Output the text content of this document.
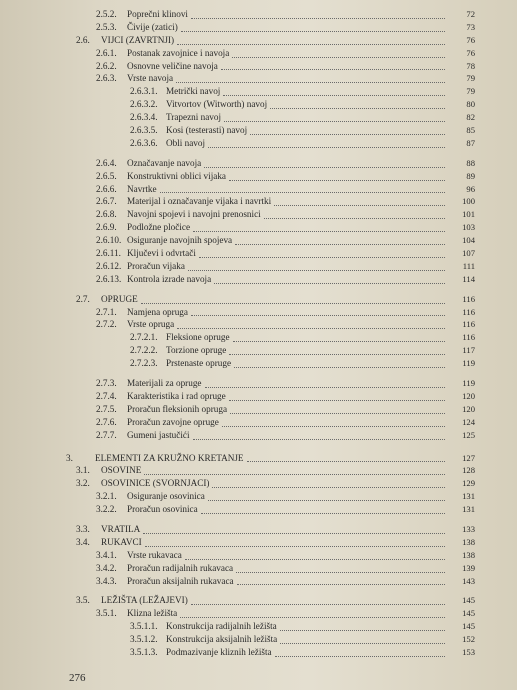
2.5.2. Poprečni klinovi	72
2.5.3. Čivije (zatici)	73
2.6. VIJCI (ZAVRTNJI)	76
2.6.1. Postanak zavojnice i navoja	76
2.6.2. Osnovne veličine navoja	78
2.6.3. Vrste navoja	79
2.6.3.1. Metrički navoj	79
2.6.3.2. Vitvortov (Witworth) navoj	80
2.6.3.4. Trapezni navoj	82
2.6.3.5. Kosi (testerasti) navoj	85
2.6.3.6. Obli navoj	87
2.6.4. Označavanje navoja	88
2.6.5. Konstruktivni oblici vijaka	89
2.6.6. Navrtke	96
2.6.7. Materijal i označavanje vijaka i navrtki	100
2.6.8. Navojni spojevi i navojni prenosnici	101
2.6.9. Podložne pločice	103
2.6.10. Osiguranje navojnih spojeva	104
2.6.11. Ključevi i odvrtači	107
2.6.12. Proračun vijaka	111
2.6.13. Kontrola izrade navoja	114
2.7. OPRUGE	116
2.7.1. Namjena opruga	116
2.7.2. Vrste opruga	116
2.7.2.1. Fleksione opruge	116
2.7.2.2. Torzione opruge	117
2.7.2.3. Prstenaste opruge	119
2.7.3. Materijali za opruge	119
2.7.4. Karakteristika i rad opruge	120
2.7.5. Proračun fleksionih opruga	120
2.7.6. Proračun zavojne opruge	124
2.7.7. Gumeni jastučići	125
3. ELEMENTI ZA KRUŽNO KRETANJE	127
3.1. OSOVINE	128
3.2. OSOVINICE (SVORNJACI)	129
3.2.1. Osiguranje osovinica	131
3.2.2. Proračun osovinica	131
3.3. VRATILA	133
3.4. RUKAVCI	138
3.4.1. Vrste rukavaca	138
3.4.2. Proračun radijalnih rukavaca	139
3.4.3. Proračun aksijalnih rukavaca	143
3.5. LEŽIŠTA (LEŽAJEVI)	145
3.5.1. Klizna ležišta	145
3.5.1.1. Konstrukcija radijalnih ležišta	145
3.5.1.2. Konstrukcija aksijalnih ležišta	152
3.5.1.3. Podmazivanje kliznih ležišta	153
276
